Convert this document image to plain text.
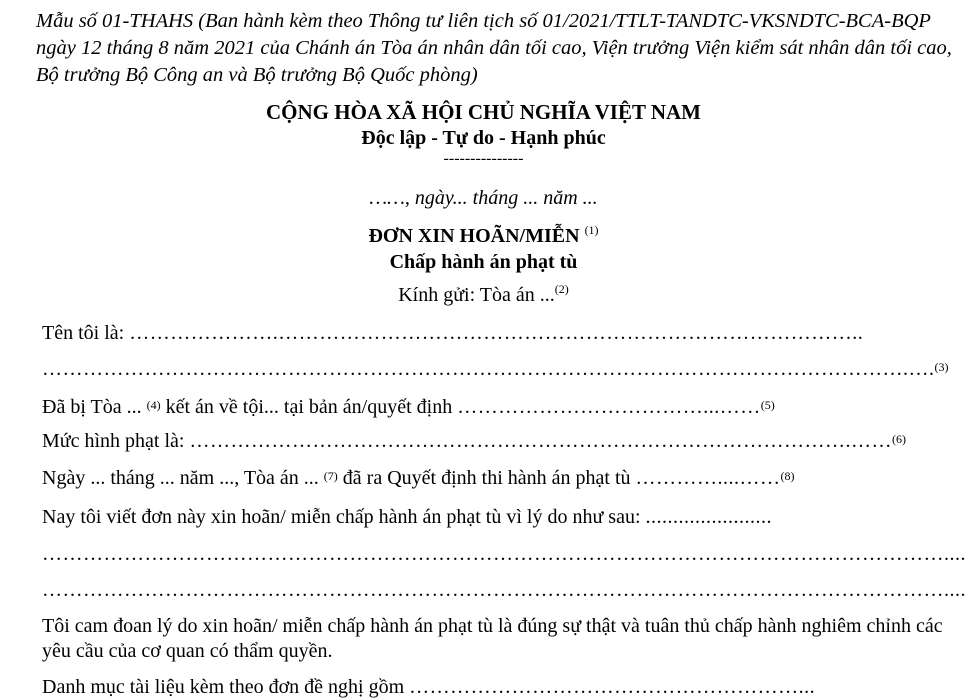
Mẫu số 01-THAHS (Ban hành kèm theo Thông tư liên tịch số 01/2021/TTLT-TANDTC-VKSNDTC-BCA-BQP ngày 12 tháng 8 năm 2021 của Chánh án Tòa án nhân dân tối cao, Viện trưởng Viện kiểm sát nhân dân tối cao, Bộ trưởng Bộ Công an và Bộ trưởng Bộ Quốc phòng)
CỘNG HÒA XÃ HỘI CHỦ NGHĨA VIỆT NAM
Độc lập - Tự do - Hạnh phúc
---------------
……, ngày... tháng ... năm ...
ĐƠN XIN HOÃN/MIỄN $^{(1)}$
Chấp hành án phạt tù
Kính gửi: Tòa án ...$^{(2)}$
Tên tôi là: ………………….…………………………………………………………………………..
……………………………………………………………………………………………………………….….$^{(3)}$
Đã bị Tòa ... $^{(4)}$ kết án về tội... tại bản án/quyết định ………………………………...……$^{(5)}$
Mức hình phạt là: …………………………………………………………………………………….……$^{(6)}$
Ngày ... tháng ... năm ..., Tòa án ... $^{(7)}$ đã ra Quyết định thi hành án phạt tù …………....……$^{(8)}$
Nay tôi viết đơn này xin hoãn/ miễn chấp hành án phạt tù vì lý do như sau: .......................
……………………………………………………………………………………………………………………....
……………………………………………………………………………………………………………………....
Tôi cam đoan lý do xin hoãn/ miễn chấp hành án phạt tù là đúng sự thật và tuân thủ chấp hành nghiêm chỉnh các yêu cầu của cơ quan có thẩm quyền.
Danh mục tài liệu kèm theo đơn đề nghị gồm …………………………………………………...
